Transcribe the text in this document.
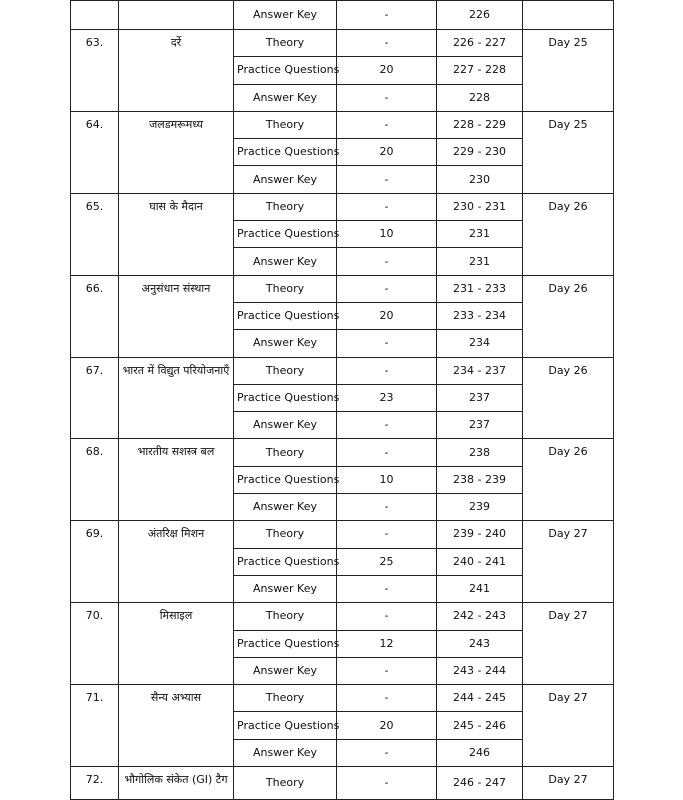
		Answer Key	-	226	
63.	दर्रे	Theory	-	226 - 227	Day 25
		Practice Questions	20	227 - 228	
		Answer Key	-	228	
64.	जलडमरूमध्य	Theory	-	228 - 229	Day 25
		Practice Questions	20	229 - 230	
		Answer Key	-	230	
65.	घास के मैदान	Theory	-	230 - 231	Day 26
		Practice Questions	10	231	
		Answer Key	-	231	
66.	अनुसंधान संस्थान	Theory	-	231 - 233	Day 26
		Practice Questions	20	233 - 234	
		Answer Key	-	234	
67.	भारत में विद्युत परियोजनाएँ	Theory	-	234 - 237	Day 26
		Practice Questions	23	237	
		Answer Key	-	237	
68.	भारतीय सशस्त्र बल	Theory	-	238	Day 26
		Practice Questions	10	238 - 239	
		Answer Key	-	239	
69.	अंतरिक्ष मिशन	Theory	-	239 - 240	Day 27
		Practice Questions	25	240 - 241	
		Answer Key	-	241	
70.	मिसाइल	Theory	-	242 - 243	Day 27
		Practice Questions	12	243	
		Answer Key	-	243 - 244	
71.	सैन्य अभ्यास	Theory	-	244 - 245	Day 27
		Practice Questions	20	245 - 246	
		Answer Key	-	246	
72.	भौगोलिक संकेत (GI) टैग	Theory	-	246 - 247	Day 27
